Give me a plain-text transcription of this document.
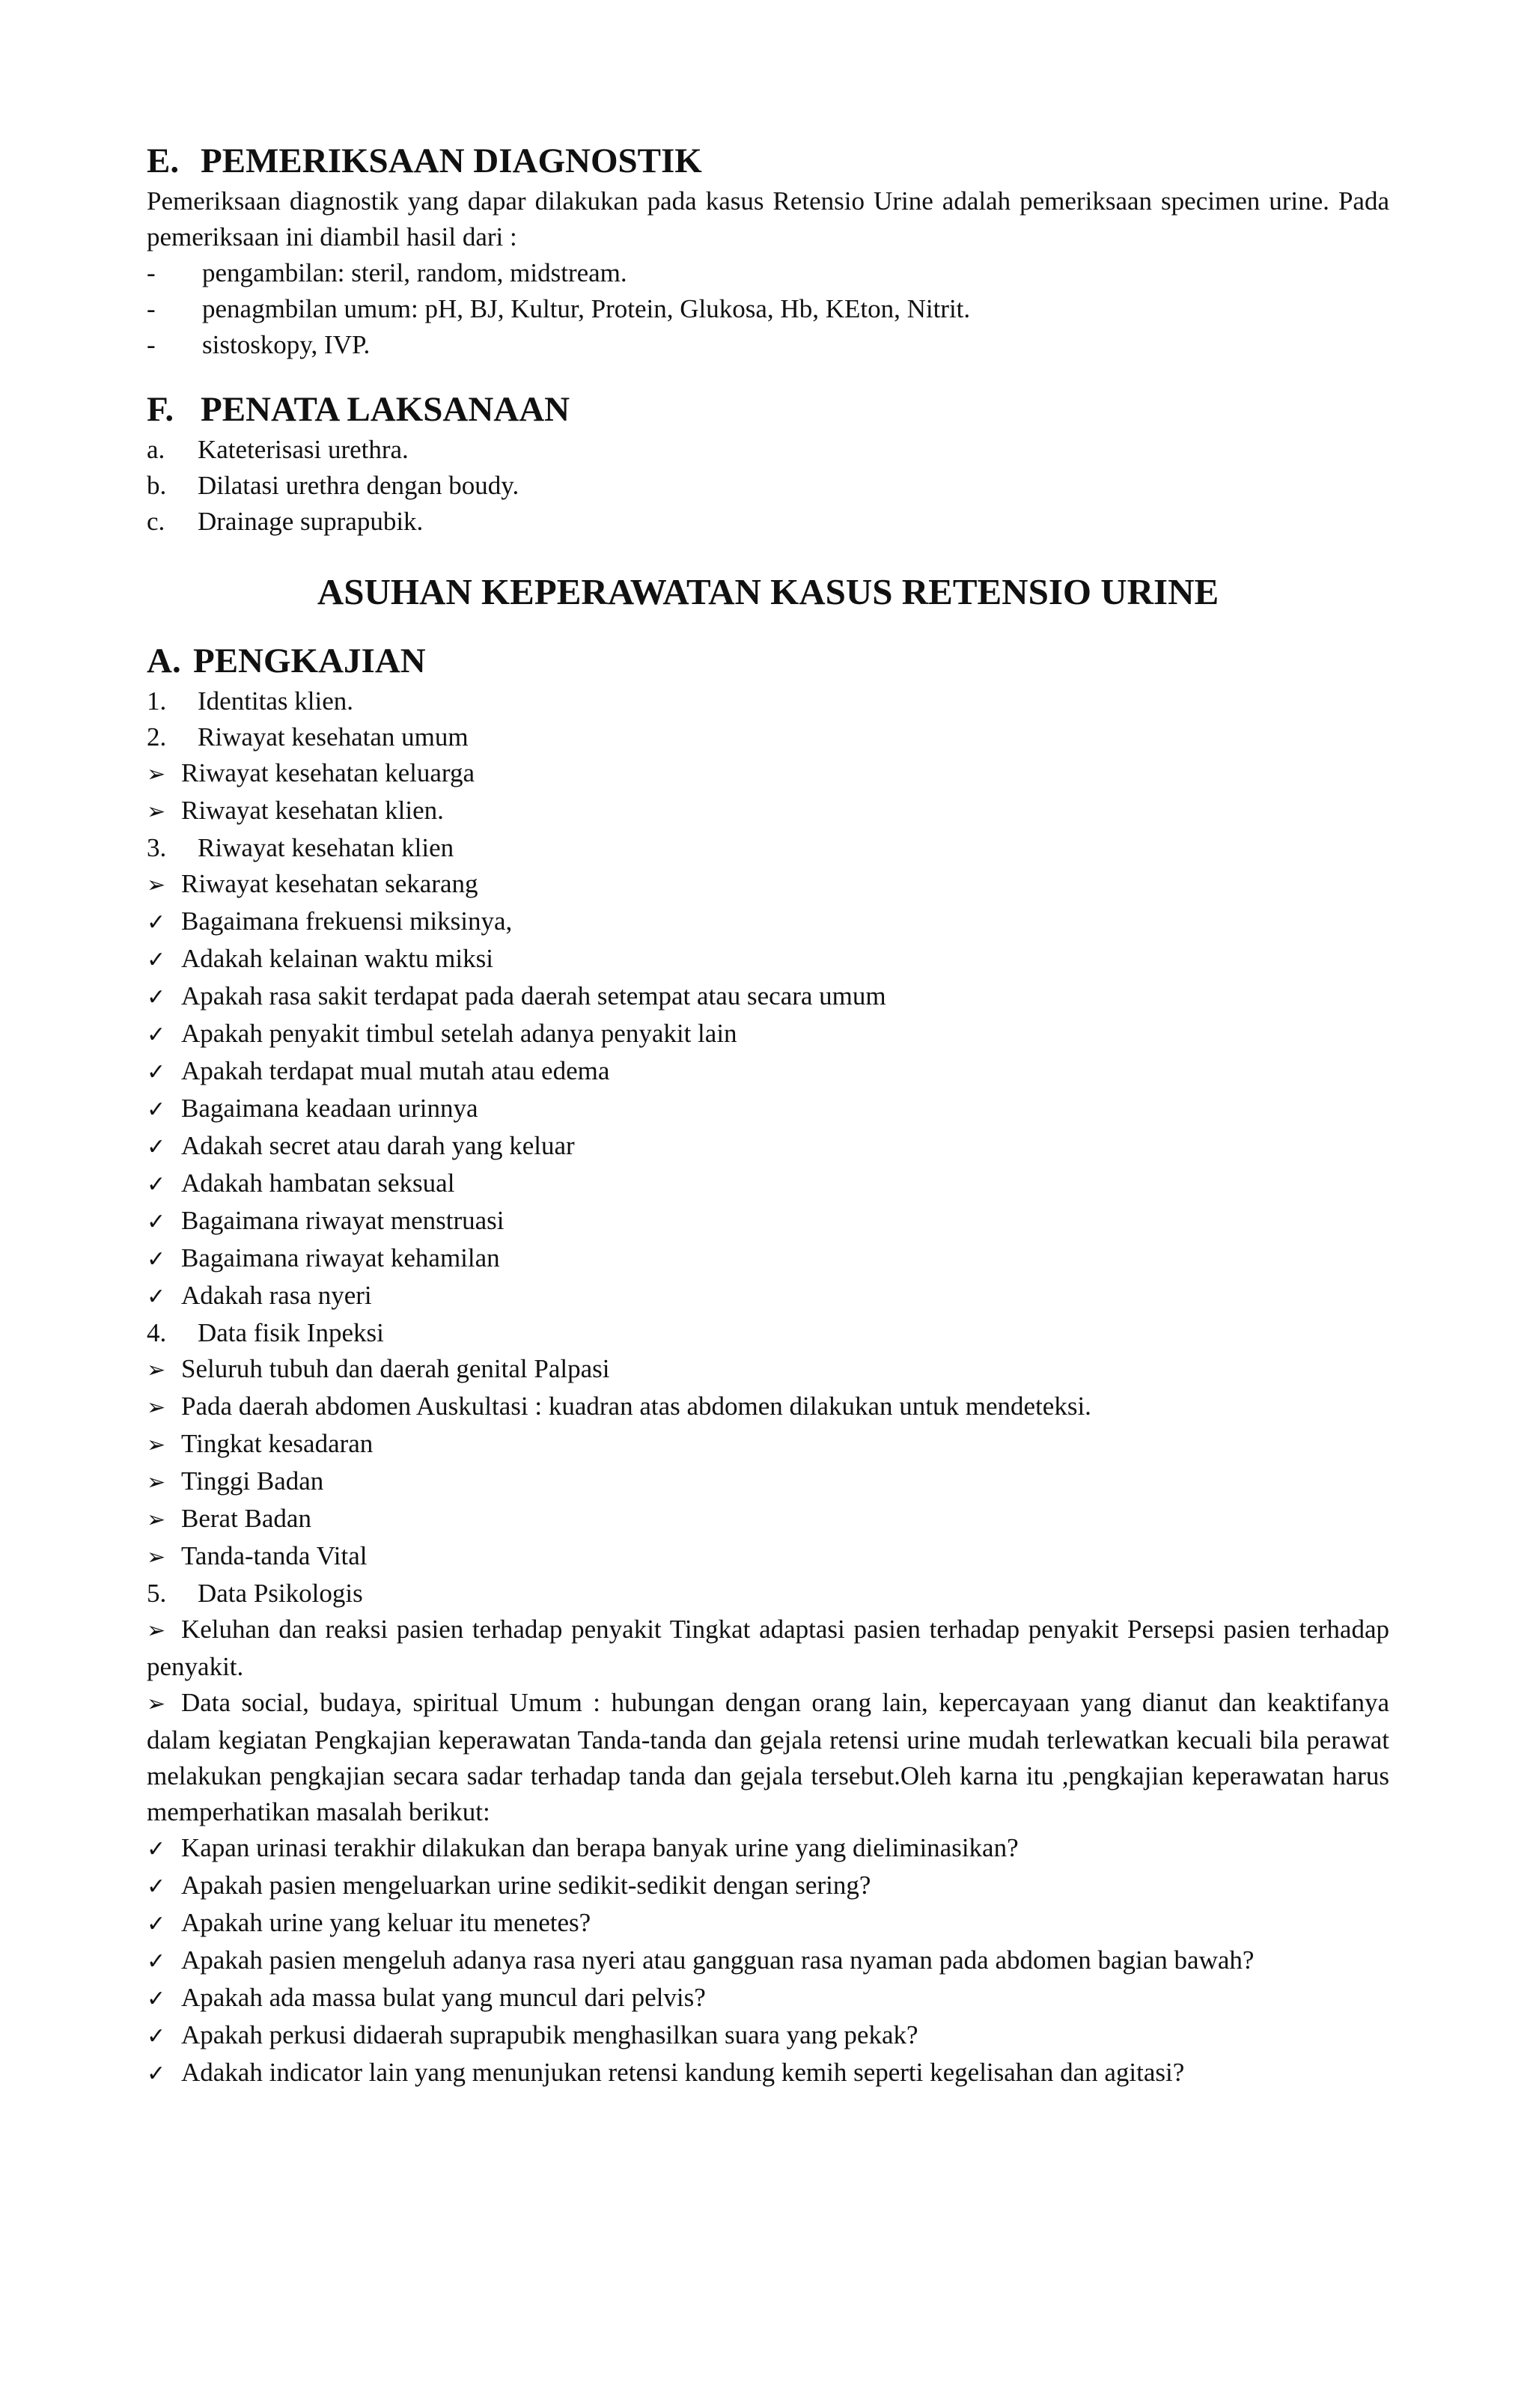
E. PEMERIKSAAN DIAGNOSTIK

Pemeriksaan diagnostik yang dapar dilakukan pada kasus Retensio Urine adalah pemeriksaan specimen urine. Pada pemeriksaan ini diambil hasil dari :

- pengambilan: steril, random, midstream.

- penagmbilan umum: pH, BJ, Kultur, Protein, Glukosa, Hb, KEton, Nitrit.

- sistoskopy, IVP.

F. PENATA LAKSANAAN

a. Kateterisasi urethra.

b. Dilatasi urethra dengan boudy.

c. Drainage suprapubik.

ASUHAN KEPERAWATAN KASUS RETENSIO URINE
A. PENGKAJIAN

1. Identitas klien.

2. Riwayat kesehatan umum

➢ Riwayat kesehatan keluarga

➢ Riwayat kesehatan klien.

3. Riwayat kesehatan klien

➢ Riwayat kesehatan sekarang

✓ Bagaimana frekuensi miksinya,

✓ Adakah kelainan waktu miksi

✓ Apakah rasa sakit terdapat pada daerah setempat atau secara umum

✓ Apakah penyakit timbul setelah adanya penyakit lain

✓ Apakah terdapat mual mutah atau edema

✓ Bagaimana keadaan urinnya

✓ Adakah secret atau darah yang keluar

✓ Adakah hambatan seksual

✓ Bagaimana riwayat menstruasi

✓ Bagaimana riwayat kehamilan

✓ Adakah rasa nyeri

4. Data fisik Inpeksi

➢ Seluruh tubuh dan daerah genital Palpasi

➢ Pada daerah abdomen Auskultasi : kuadran atas abdomen dilakukan untuk mendeteksi.

➢ Tingkat kesadaran

➢ Tinggi Badan

➢ Berat Badan

➢ Tanda-tanda Vital

5. Data Psikologis

➢ Keluhan dan reaksi pasien terhadap penyakit Tingkat adaptasi pasien terhadap penyakit Persepsi pasien terhadap penyakit.

➢ Data social, budaya, spiritual Umum : hubungan dengan orang lain, kepercayaan yang dianut dan keaktifanya dalam kegiatan Pengkajian keperawatan Tanda-tanda dan gejala retensi urine mudah terlewatkan kecuali bila perawat melakukan pengkajian secara sadar terhadap tanda dan gejala tersebut.Oleh karna itu ,pengkajian keperawatan harus memperhatikan masalah berikut:

✓ Kapan urinasi terakhir dilakukan dan berapa banyak urine yang dieliminasikan?

✓ Apakah pasien mengeluarkan urine sedikit-sedikit dengan sering?

✓ Apakah urine yang keluar itu menetes?

✓ Apakah pasien mengeluh adanya rasa nyeri atau gangguan rasa nyaman pada abdomen bagian bawah?

✓ Apakah ada massa bulat yang muncul dari pelvis?

✓ Apakah perkusi didaerah suprapubik menghasilkan suara yang pekak?

✓ Adakah indicator lain yang menunjukan retensi kandung kemih seperti kegelisahan dan agitasi?
